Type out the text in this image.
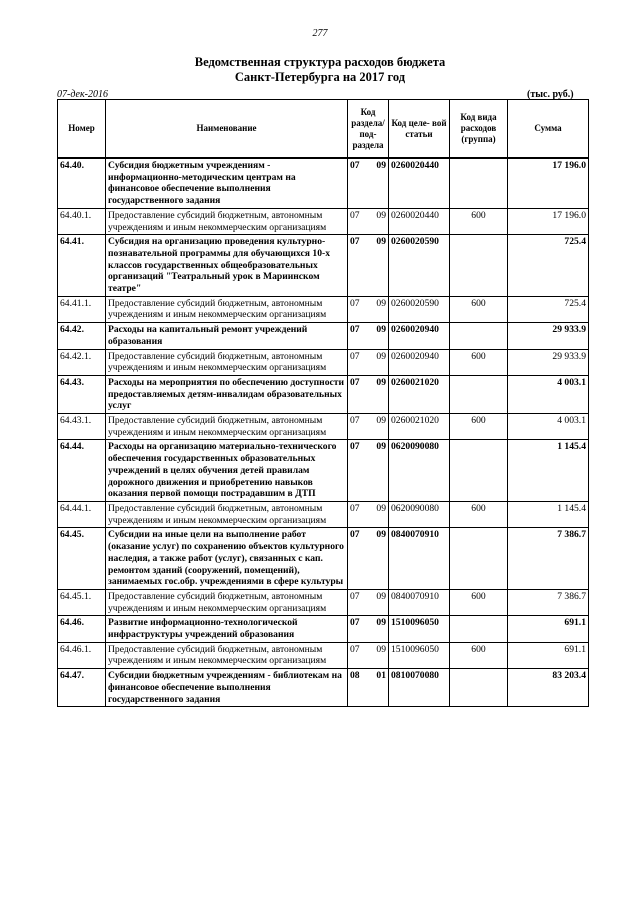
277
Ведомственная структура расходов бюджета
Санкт-Петербурга на 2017 год
07-дек-2016	(тыс. руб.)
Номер	Наименование	Код раздела/ под- раздела	Код целе- вой статьи	Код вида расходов (группа)	Сумма
64.40.	Субсидия бюджетным учреждениям - информационно-методическим центрам на финансовое обеспечение выполнения государственного задания	07 09	0260020440		17 196.0
64.40.1.	Предоставление субсидий бюджетным, автономным учреждениям и иным некоммерческим организациям	07 09	0260020440	600	17 196.0
64.41.	Субсидия на организацию проведения культурно-познавательной программы для обучающихся 10-х классов государственных общеобразовательных организаций "Театральный урок в Мариинском театре"	07 09	0260020590		725.4
64.41.1.	Предоставление субсидий бюджетным, автономным учреждениям и иным некоммерческим организациям	07 09	0260020590	600	725.4
64.42.	Расходы на капитальный ремонт учреждений образования	07 09	0260020940		29 933.9
64.42.1.	Предоставление субсидий бюджетным, автономным учреждениям и иным некоммерческим организациям	07 09	0260020940	600	29 933.9
64.43.	Расходы на мероприятия по обеспечению доступности предоставляемых детям-инвалидам образовательных услуг	07 09	0260021020		4 003.1
64.43.1.	Предоставление субсидий бюджетным, автономным учреждениям и иным некоммерческим организациям	07 09	0260021020	600	4 003.1
64.44.	Расходы на организацию материально-технического обеспечения государственных образовательных учреждений в целях обучения детей правилам дорожного движения и приобретению навыков оказания первой помощи пострадавшим в ДТП	07 09	0620090080		1 145.4
64.44.1.	Предоставление субсидий бюджетным, автономным учреждениям и иным некоммерческим организациям	07 09	0620090080	600	1 145.4
64.45.	Субсидии на иные цели на выполнение работ (оказание услуг) по сохранению объектов культурного наследия, а также работ (услуг), связанных с кап. ремонтом зданий (сооружений, помещений), занимаемых гос.обр. учреждениями в сфере культуры	07 09	0840070910		7 386.7
64.45.1.	Предоставление субсидий бюджетным, автономным учреждениям и иным некоммерческим организациям	07 09	0840070910	600	7 386.7
64.46.	Развитие информационно-технологической инфраструктуры учреждений образования	07 09	1510096050		691.1
64.46.1.	Предоставление субсидий бюджетным, автономным учреждениям и иным некоммерческим организациям	07 09	1510096050	600	691.1
64.47.	Субсидии бюджетным учреждениям - библиотекам на финансовое обеспечение выполнения государственного задания	08 01	0810070080		83 203.4
